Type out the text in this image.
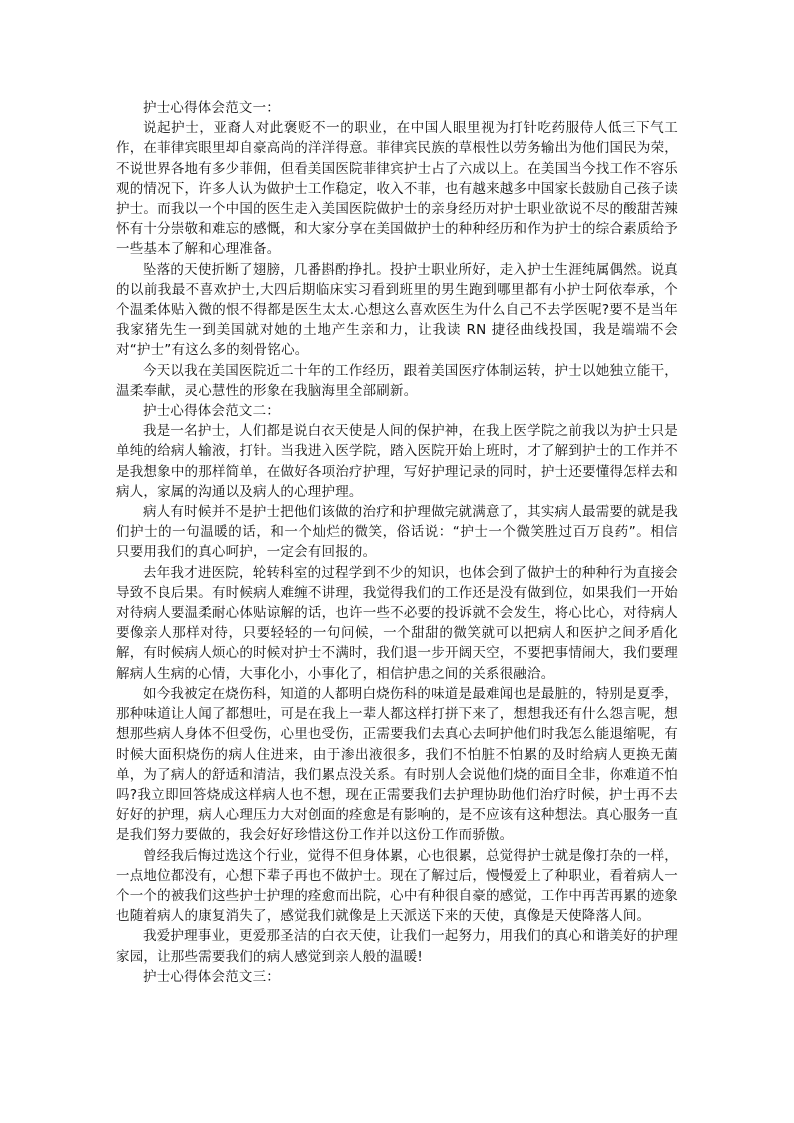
护士心得体会范文一：

说起护士，亚裔人对此褒贬不一的职业，在中国人眼里视为打针吃药服侍人低三下气工作，在菲律宾眼里却自豪高尚的洋洋得意。菲律宾民族的草根性以劳务输出为他们国民为荣，不说世界各地有多少菲佣，但看美国医院菲律宾护士占了六成以上。在美国当今找工作不容乐观的情况下，许多人认为做护士工作稳定，收入不菲，也有越来越多中国家长鼓励自己孩子读护士。而我以一个中国的医生走入美国医院做护士的亲身经历对护士职业欲说不尽的酸甜苦辣怀有十分崇敬和难忘的感慨，和大家分享在美国做护士的种种经历和作为护士的综合素质给予一些基本了解和心理准备。

坠落的天使折断了翅膀，几番斟酌挣扎。投护士职业所好，走入护士生涯纯属偶然。说真的以前我最不喜欢护士,大四后期临床实习看到班里的男生跑到哪里都有小护士阿依奉承，个个温柔体贴入微的恨不得都是医生太太.心想这么喜欢医生为什么自己不去学医呢?要不是当年我家猪先生一到美国就对她的土地产生亲和力，让我读 RN 捷径曲线投国，我是端端不会对“护士”有这么多的刻骨铭心。

今天以我在美国医院近二十年的工作经历，跟着美国医疗体制运转，护士以她独立能干，温柔奉献，灵心慧性的形象在我脑海里全部刷新。

护士心得体会范文二：

我是一名护士，人们都是说白衣天使是人间的保护神，在我上医学院之前我以为护士只是单纯的给病人输液，打针。当我进入医学院，踏入医院开始上班时，才了解到护士的工作并不是我想象中的那样简单，在做好各项治疗护理，写好护理记录的同时，护士还要懂得怎样去和病人，家属的沟通以及病人的心理护理。

病人有时候并不是护士把他们该做的治疗和护理做完就满意了，其实病人最需要的就是我们护士的一句温暖的话，和一个灿烂的微笑，俗话说：“护士一个微笑胜过百万良药”。相信只要用我们的真心呵护，一定会有回报的。

去年我才进医院，轮转科室的过程学到不少的知识，也体会到了做护士的种种行为直接会导致不良后果。有时候病人难缠不讲理，我觉得我们的工作还是没有做到位，如果我们一开始对待病人要温柔耐心体贴谅解的话，也许一些不必要的投诉就不会发生，将心比心，对待病人要像亲人那样对待，只要轻轻的一句问候，一个甜甜的微笑就可以把病人和医护之间矛盾化解，有时候病人烦心的时候对护士不满时，我们退一步开阔天空，不要把事情闹大，我们要理解病人生病的心情，大事化小，小事化了，相信护患之间的关系很融洽。

如今我被定在烧伤科，知道的人都明白烧伤科的味道是最难闻也是最脏的，特别是夏季，那种味道让人闻了都想吐，可是在我上一辈人都这样打拼下来了，想想我还有什么怨言呢，想想那些病人身体不但受伤，心里也受伤，正需要我们去真心去呵护他们时我怎么能退缩呢，有时候大面积烧伤的病人住进来，由于渗出液很多，我们不怕脏不怕累的及时给病人更换无菌单，为了病人的舒适和清洁，我们累点没关系。有时别人会说他们烧的面目全非，你难道不怕吗?我立即回答烧成这样病人也不想，现在正需要我们去护理协助他们治疗时候，护士再不去好好的护理，病人心理压力大对创面的痊愈是有影响的，是不应该有这种想法。真心服务一直是我们努力要做的，我会好好珍惜这份工作并以这份工作而骄傲。

曾经我后悔过选这个行业，觉得不但身体累，心也很累，总觉得护士就是像打杂的一样，一点地位都没有，心想下辈子再也不做护士。现在了解过后，慢慢爱上了种职业，看着病人一个一个的被我们这些护士护理的痊愈而出院，心中有种很自豪的感觉，工作中再苦再累的迹象也随着病人的康复消失了，感觉我们就像是上天派送下来的天使，真像是天使降落人间。

我爱护理事业，更爱那圣洁的白衣天使，让我们一起努力，用我们的真心和谐美好的护理家园，让那些需要我们的病人感觉到亲人般的温暖!

护士心得体会范文三：
